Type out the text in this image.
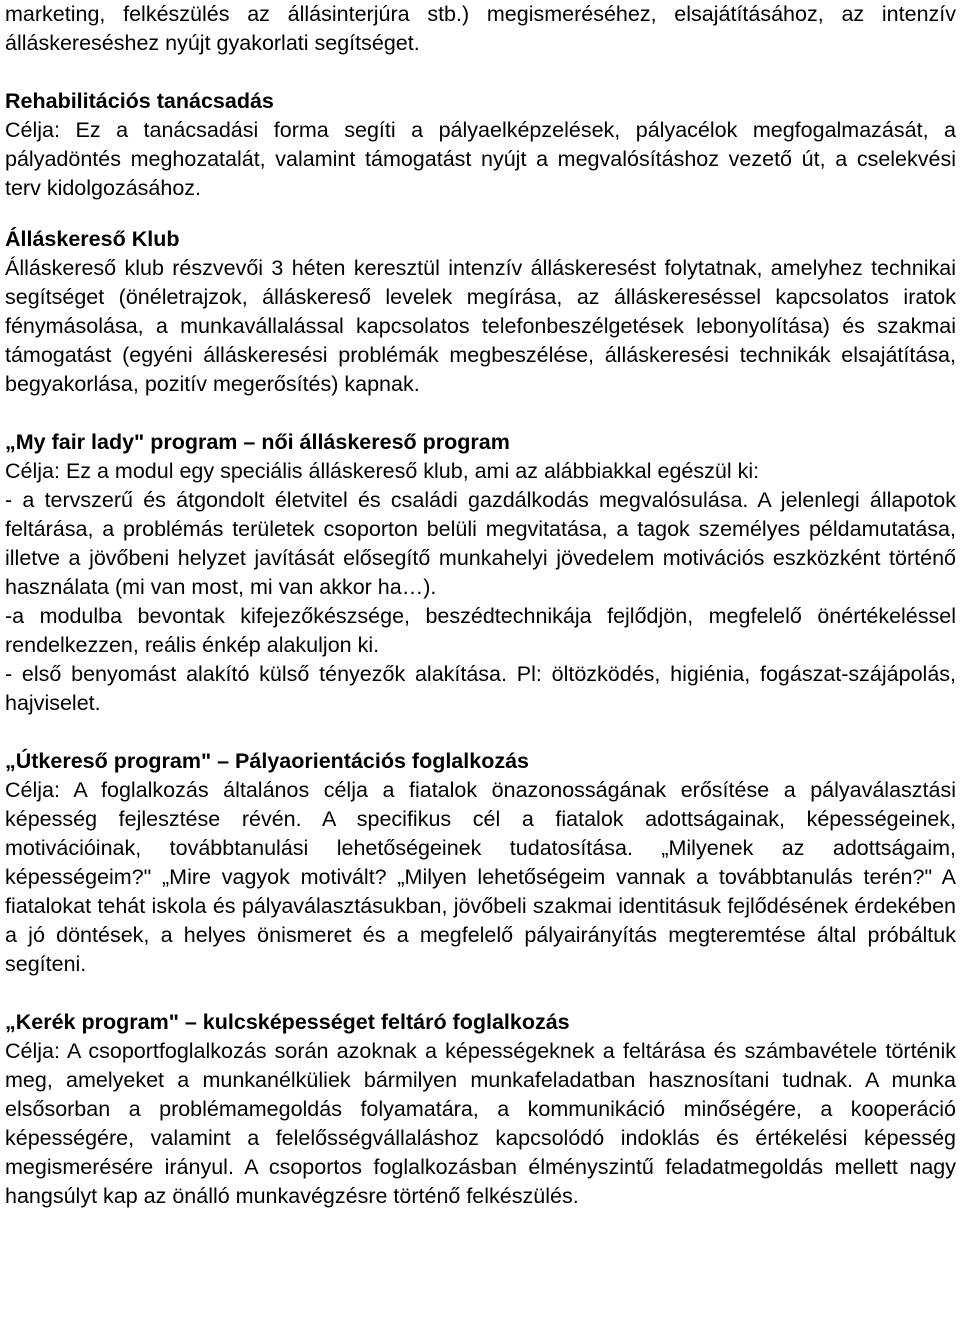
marketing, felkészülés az állásinterjúra stb.) megismeréséhez, elsajátításához, az intenzív álláskereséshez nyújt gyakorlati segítséget.

Rehabilitációs tanácsadás

Célja: Ez a tanácsadási forma segíti a pályaelképzelések, pályacélok megfogalmazását, a pályadöntés meghozatalát, valamint támogatást nyújt a megvalósításhoz vezető út, a cselekvési terv kidolgozásához.

Álláskereső Klub

Álláskereső klub részvevői 3 héten keresztül intenzív álláskeresést folytatnak, amelyhez technikai segítséget (önéletrajzok, álláskereső levelek megírása, az álláskereséssel kapcsolatos iratok fénymásolása, a munkavállalással kapcsolatos telefonbeszélgetések lebonyolítása) és szakmai támogatást (egyéni álláskeresési problémák megbeszélése, álláskeresési technikák elsajátítása, begyakorlása, pozitív megerősítés) kapnak.

„My fair lady" program – női álláskereső program

Célja: Ez a modul egy speciális álláskereső klub, ami az alábbiakkal egészül ki:

- a tervszerű és átgondolt életvitel és családi gazdálkodás megvalósulása. A jelenlegi állapotok feltárása, a problémás területek csoporton belüli megvitatása, a tagok személyes példamutatása, illetve a jövőbeni helyzet javítását elősegítő munkahelyi jövedelem motivációs eszközként történő használata (mi van most, mi van akkor ha…).

-a modulba bevontak kifejezőkészsége, beszédtechnikája fejlődjön, megfelelő önértékeléssel rendelkezzen, reális énkép alakuljon ki.

- első benyomást alakító külső tényezők alakítása. Pl: öltözködés, higiénia, fogászat-szájápolás, hajviselet.

„Útkereső program" – Pályaorientációs foglalkozás

Célja: A foglalkozás általános célja a fiatalok önazonosságának erősítése a pályaválasztási képesség fejlesztése révén. A specifikus cél a fiatalok adottságainak, képességeinek, motivációinak, továbbtanulási lehetőségeinek tudatosítása. „Milyenek az adottságaim, képességeim?" „Mire vagyok motivált? „Milyen lehetőségeim vannak a továbbtanulás terén?" A fiatalokat tehát iskola és pályaválasztásukban, jövőbeli szakmai identitásuk fejlődésének érdekében a jó döntések, a helyes önismeret és a megfelelő pályairányítás megteremtése által próbáltuk segíteni.

„Kerék program" – kulcsképességet feltáró foglalkozás

Célja: A csoportfoglalkozás során azoknak a képességeknek a feltárása és számbavétele történik meg, amelyeket a munkanélküliek bármilyen munkafeladatban hasznosítani tudnak. A munka elsősorban a problémamegoldás folyamatára, a kommunikáció minőségére, a kooperáció képességére, valamint a felelősségvállaláshoz kapcsolódó indoklás és értékelési képesség megismerésére irányul. A csoportos foglalkozásban élményszintű feladatmegoldás mellett nagy hangsúlyt kap az önálló munkavégzésre történő felkészülés.
